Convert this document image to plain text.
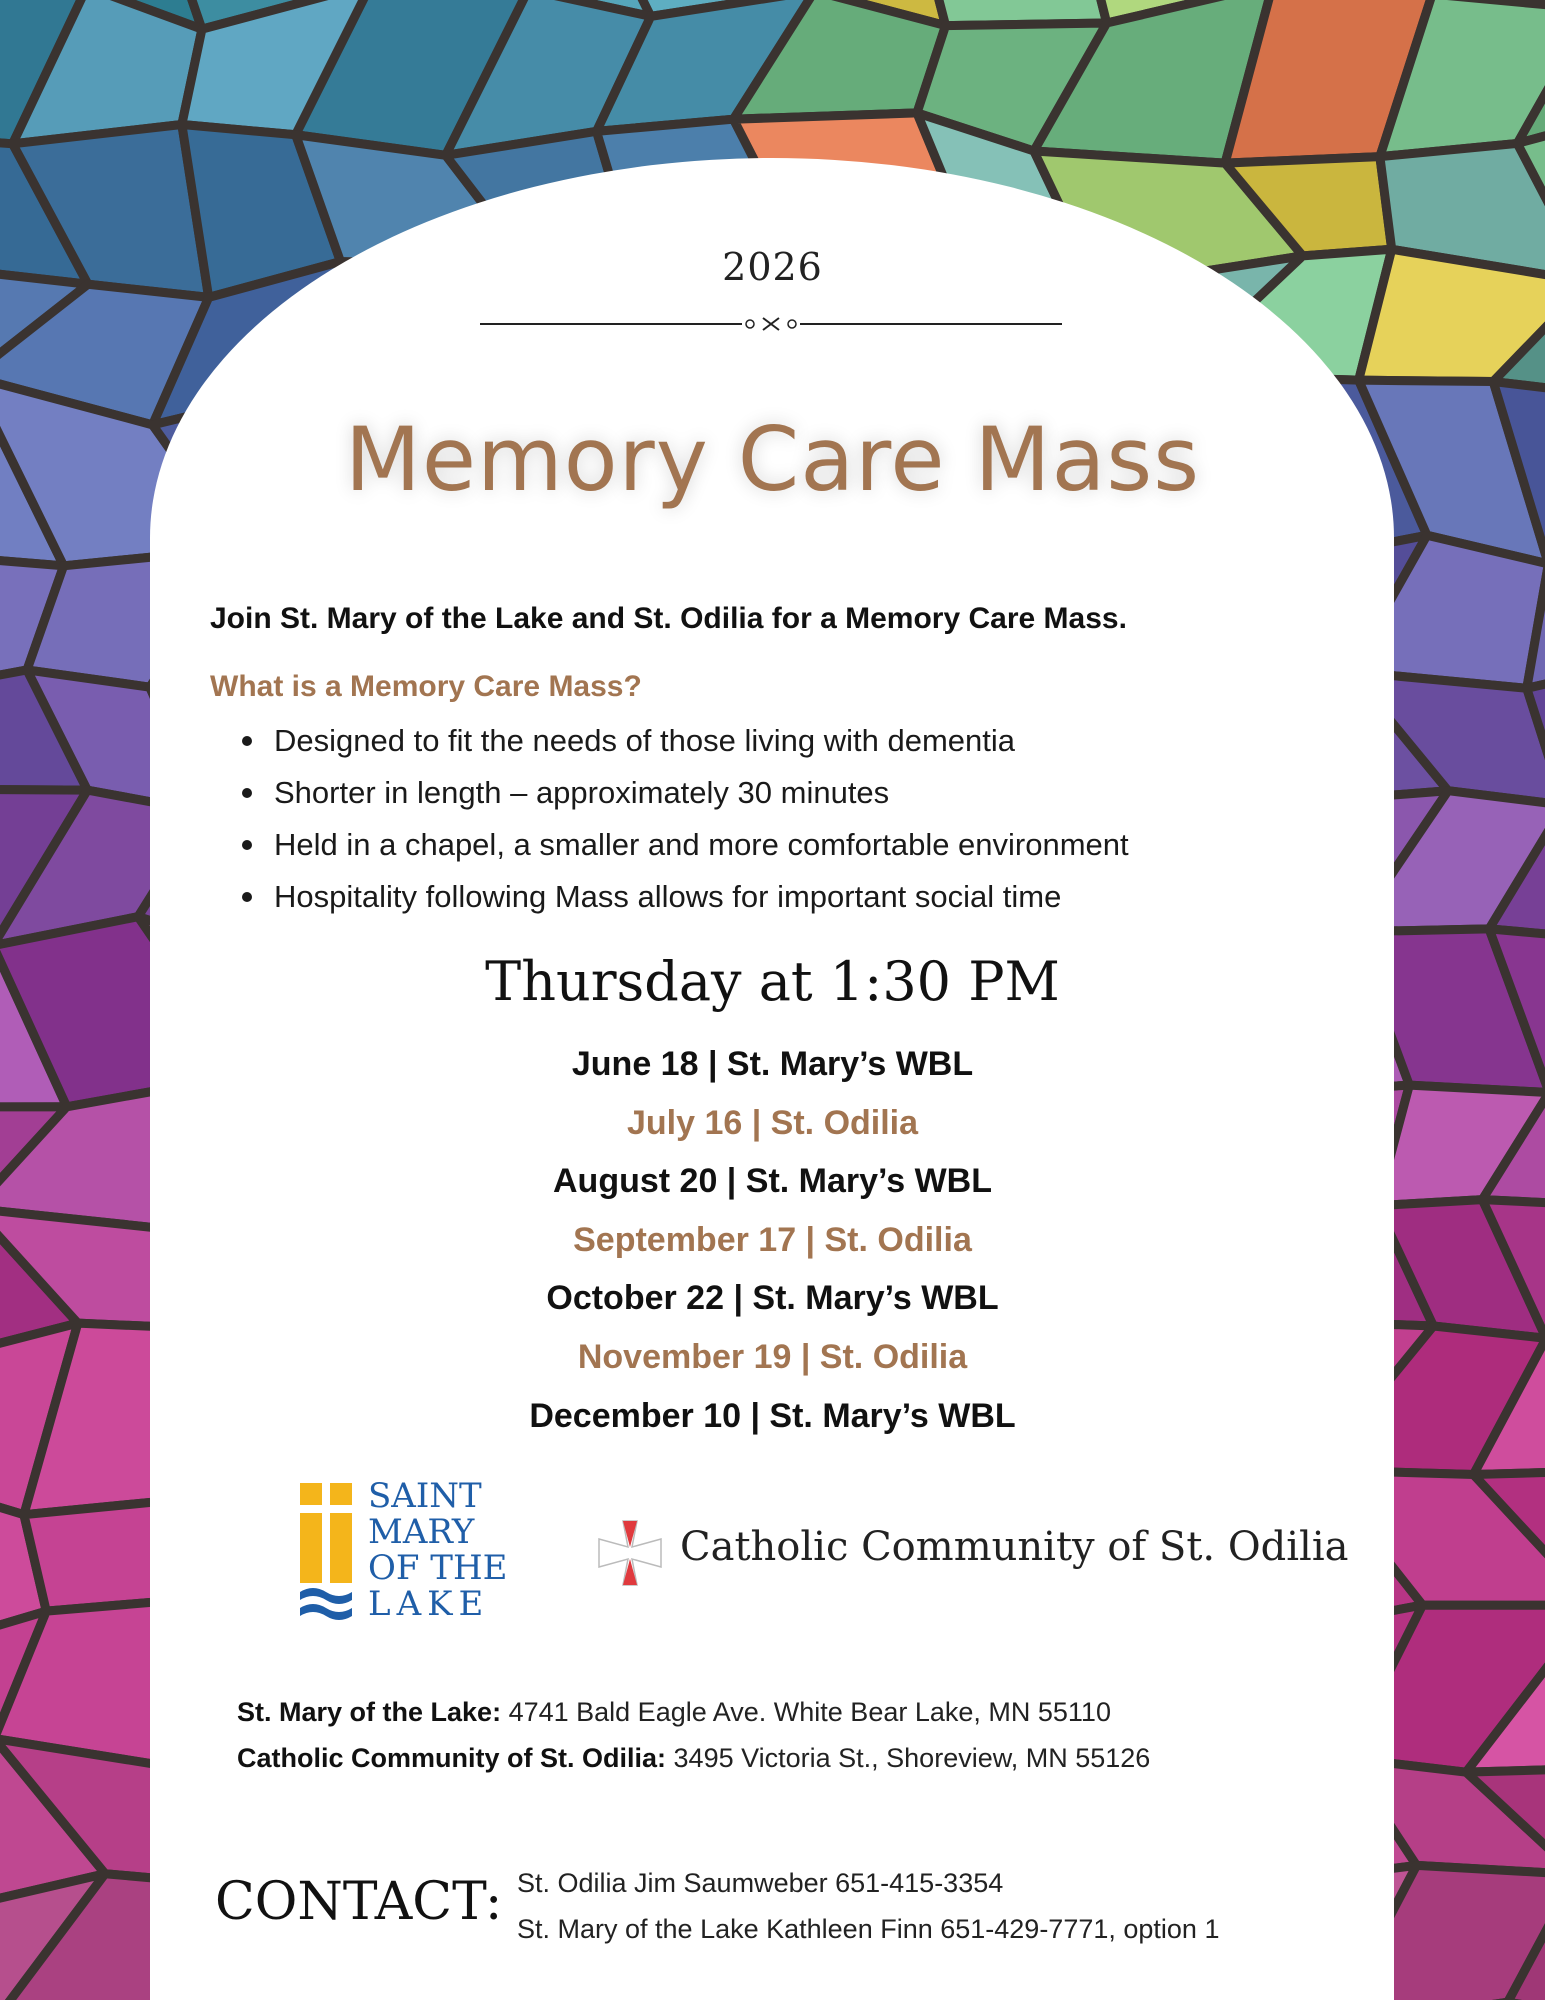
2026
Memory Care Mass
Join St. Mary of the Lake and St. Odilia for a Memory Care Mass.
What is a Memory Care Mass?
Designed to fit the needs of those living with dementia
Shorter in length – approximately 30 minutes
Held in a chapel, a smaller and more comfortable environment
Hospitality following Mass allows for important social time
Thursday at 1:30 PM
June 18 | St. Mary’s WBL
July 16 | St. Odilia
August 20 | St. Mary’s WBL
September 17 | St. Odilia
October 22 | St. Mary’s WBL
November 19 | St. Odilia
December 10 | St. Mary’s WBL
SAINT
MARY
OF THE
LAKE
Catholic Community of St. Odilia
St. Mary of the Lake: 4741 Bald Eagle Ave. White Bear Lake, MN 55110
Catholic Community of St. Odilia: 3495 Victoria St., Shoreview, MN 55126
CONTACT: St. Odilia Jim Saumweber 651-415-3354
St. Mary of the Lake Kathleen Finn 651-429-7771, option 1
